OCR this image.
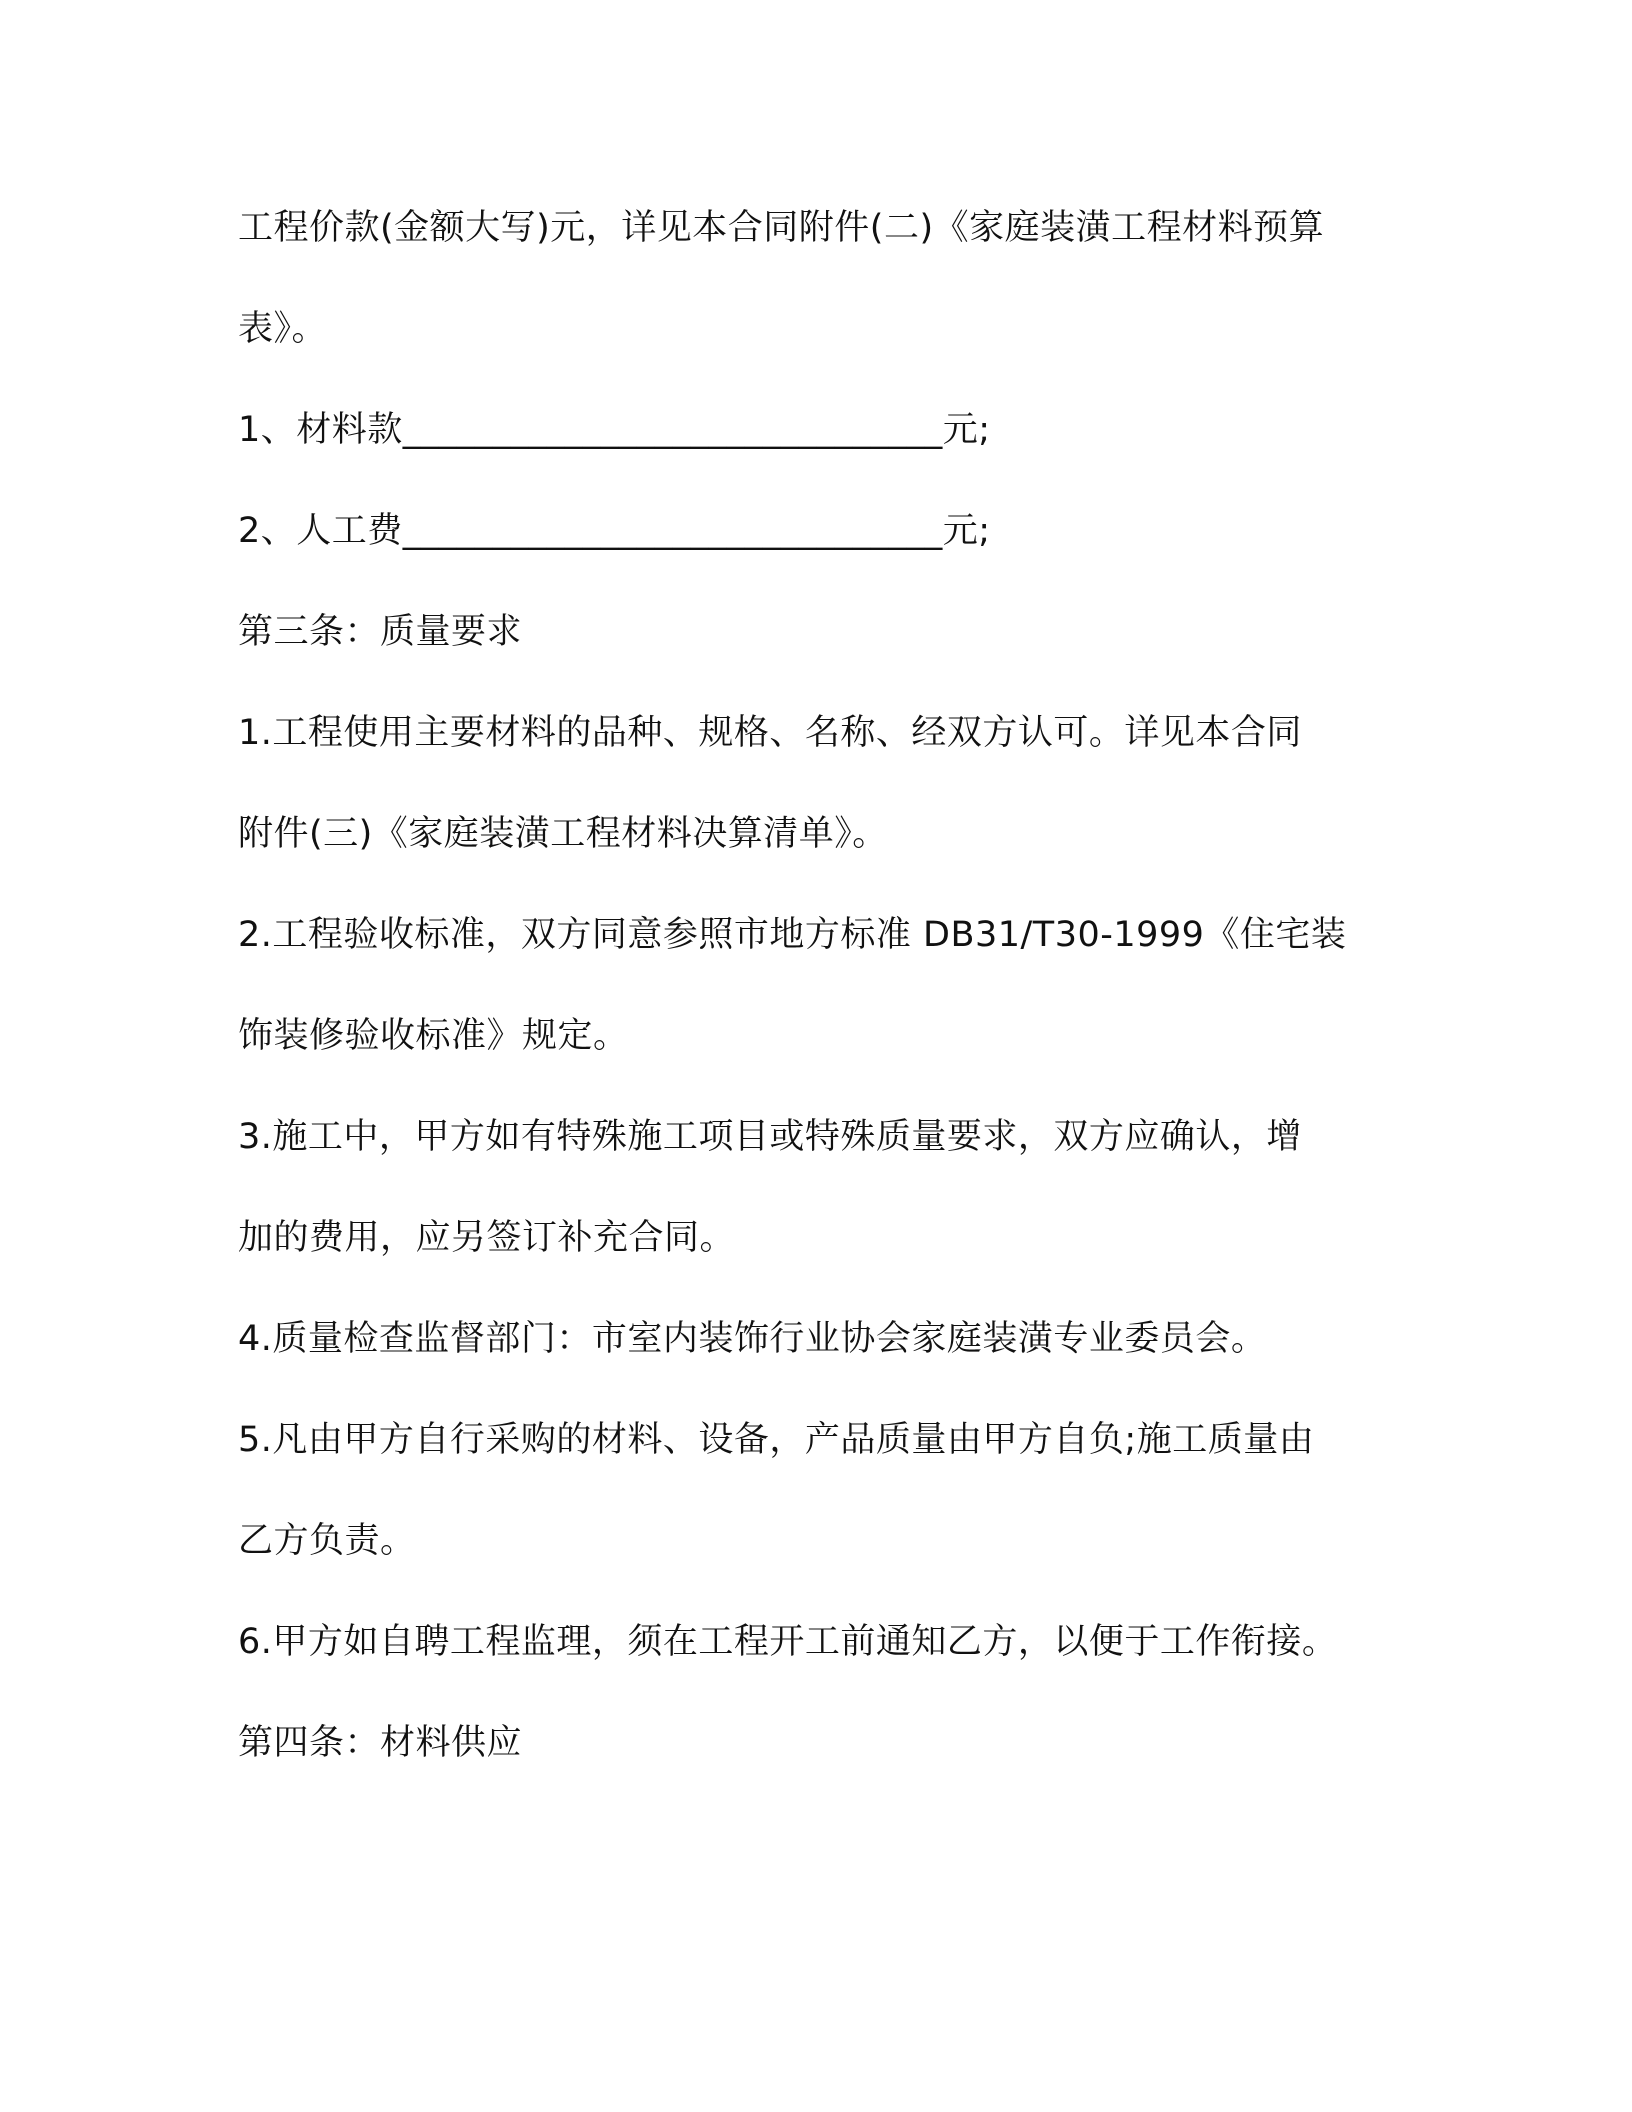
工程价款(金额大写)元，详见本合同附件(二)《家庭装潢工程材料预算
表》。
1、材料款______________________________元;
2、人工费______________________________元;
第三条：质量要求
1.工程使用主要材料的品种、规格、名称、经双方认可。详见本合同
附件(三)《家庭装潢工程材料决算清单》。
2.工程验收标准，双方同意参照市地方标准 DB31/T30-1999《住宅装
饰装修验收标准》规定。
3.施工中，甲方如有特殊施工项目或特殊质量要求，双方应确认，增
加的费用，应另签订补充合同。
4.质量检查监督部门：市室内装饰行业协会家庭装潢专业委员会。
5.凡由甲方自行采购的材料、设备，产品质量由甲方自负;施工质量由
乙方负责。
6.甲方如自聘工程监理，须在工程开工前通知乙方，以便于工作衔接。
第四条：材料供应
